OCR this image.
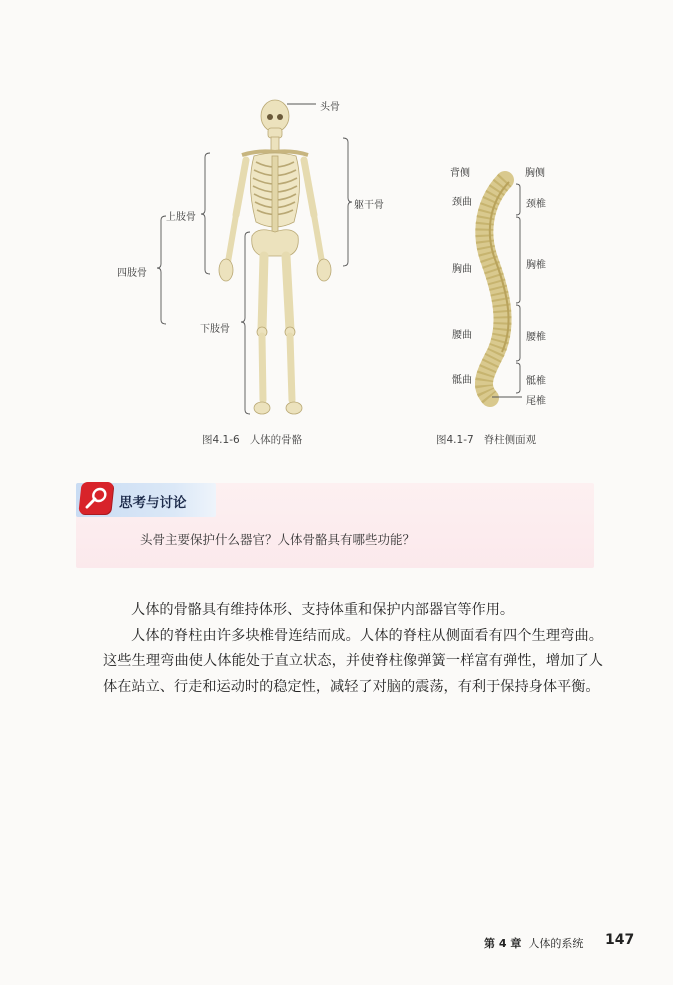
头骨
躯干骨
上肢骨
四肢骨
下肢骨
背侧	胸侧
颈曲	颈椎
胸曲	胸椎
腰曲	腰椎
骶曲	骶椎
尾椎
图4.1-6 人体的骨骼	图4.1-7 脊柱侧面观
思考与讨论
头骨主要保护什么器官？人体骨骼具有哪些功能？

人体的骨骼具有维持体形、支持体重和保护内部器官等作用。

人体的脊柱由许多块椎骨连结而成。人体的脊柱从侧面看有四个生理弯曲。这些生理弯曲使人体能处于直立状态，并使脊柱像弹簧一样富有弹性，增加了人体在站立、行走和运动时的稳定性，减轻了对脑的震荡，有利于保持身体平衡。

第 4 章 人体的系统 147
